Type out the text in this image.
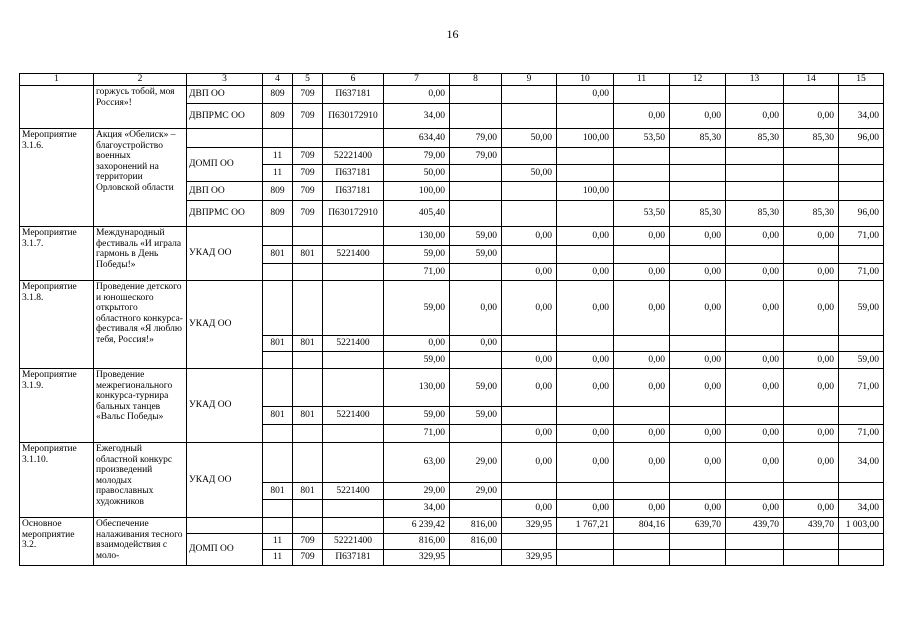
16
1	2	3	4	5	6	7	8	9	10	11	12	13	14	15
	горжусь тобой, моя Россия»!	ДВП ОО	809	709	П637181	0,00			0,00					
		ДВПРМС ОО	809	709	П630172910	34,00				0,00	0,00	0,00	0,00	34,00
Мероприятие 3.1.6.	Акция «Обелиск» – благоустройство военных захоронений на территории Орловской области					634,40	79,00	50,00	100,00	53,50	85,30	85,30	85,30	96,00
		ДОМП ОО	11	709	52221400	79,00	79,00							
			11	709	П637181	50,00		50,00						
		ДВП ОО	809	709	П637181	100,00			100,00					
		ДВПРМС ОО	809	709	П630172910	405,40				53,50	85,30	85,30	85,30	96,00
Мероприятие 3.1.7.	Международный фестиваль «И играла гармонь в День Победы!»	УКАД ОО				130,00	59,00	0,00	0,00	0,00	0,00	0,00	0,00	71,00
			801	801	5221400	59,00	59,00							
						71,00		0,00	0,00	0,00	0,00	0,00	0,00	71,00
Мероприятие 3.1.8.	Проведение детского и юношеского открытого областного конкурса-фестиваля «Я люблю тебя, Россия!»	УКАД ОО				59,00	0,00	0,00	0,00	0,00	0,00	0,00	0,00	59,00
			801	801	5221400	0,00	0,00							
						59,00		0,00	0,00	0,00	0,00	0,00	0,00	59,00
Мероприятие 3.1.9.	Проведение межрегионального конкурса-турнира бальных танцев «Вальс Победы»	УКАД ОО				130,00	59,00	0,00	0,00	0,00	0,00	0,00	0,00	71,00
			801	801	5221400	59,00	59,00							
						71,00		0,00	0,00	0,00	0,00	0,00	0,00	71,00
Мероприятие 3.1.10.	Ежегодный областной конкурс произведений молодых православных художников	УКАД ОО				63,00	29,00	0,00	0,00	0,00	0,00	0,00	0,00	34,00
			801	801	5221400	29,00	29,00							
						34,00		0,00	0,00	0,00	0,00	0,00	0,00	34,00
Основное мероприятие 3.2.	Обеспечение налаживания тесного взаимодействия с моло-					6 239,42	816,00	329,95	1 767,21	804,16	639,70	439,70	439,70	1 003,00
		ДОМП ОО	11	709	52221400	816,00	816,00							
			11	709	П637181	329,95		329,95						
